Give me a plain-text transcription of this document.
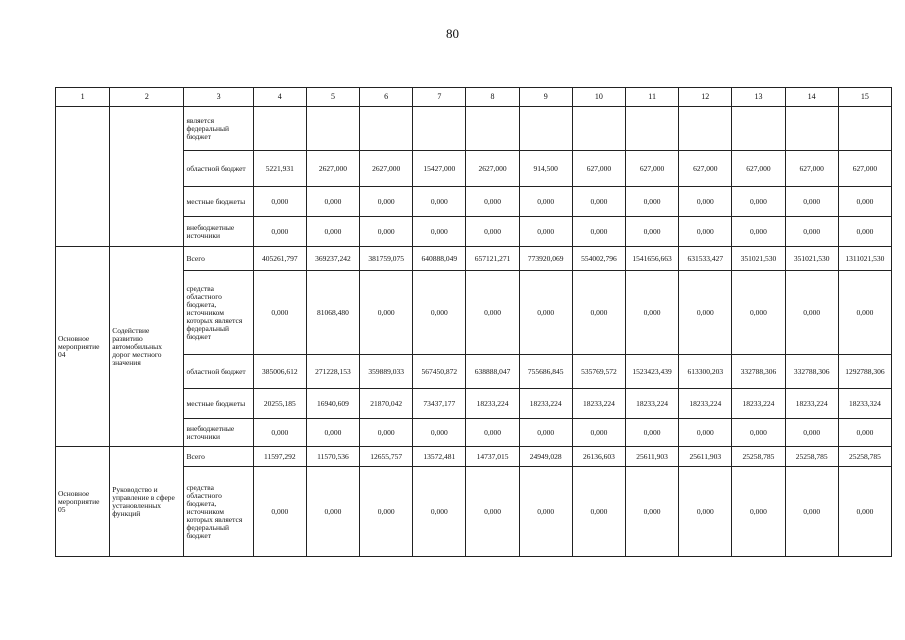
80
1	2	3	4	5	6	7	8	9	10	11	12	13	14	15
		является федеральный бюджет												
		областной бюджет	5221,931	2627,000	2627,000	15427,000	2627,000	914,500	627,000	627,000	627,000	627,000	627,000	627,000
		местные бюджеты	0,000	0,000	0,000	0,000	0,000	0,000	0,000	0,000	0,000	0,000	0,000	0,000
		внебюджетные источники	0,000	0,000	0,000	0,000	0,000	0,000	0,000	0,000	0,000	0,000	0,000	0,000
Основное мероприятие 04	Содействие развитию автомобильных дорог местного значения	Всего	405261,797	369237,242	381759,075	640888,049	657121,271	773920,069	554002,796	1541656,663	631533,427	351021,530	351021,530	1311021,530
		средства областного бюджета, источником которых является федеральный бюджет	0,000	81068,480	0,000	0,000	0,000	0,000	0,000	0,000	0,000	0,000	0,000	0,000
		областной бюджет	385006,612	271228,153	359889,033	567450,872	638888,047	755686,845	535769,572	1523423,439	613300,203	332788,306	332788,306	1292788,306
		местные бюджеты	20255,185	16940,609	21870,042	73437,177	18233,224	18233,224	18233,224	18233,224	18233,224	18233,224	18233,224	18233,324
		внебюджетные источники	0,000	0,000	0,000	0,000	0,000	0,000	0,000	0,000	0,000	0,000	0,000	0,000
Основное мероприятие 05	Руководство и управление в сфере установленных функций	Всего	11597,292	11570,536	12655,757	13572,481	14737,015	24949,028	26136,603	25611,903	25611,903	25258,785	25258,785	25258,785
		средства областного бюджета, источником которых является федеральный бюджет	0,000	0,000	0,000	0,000	0,000	0,000	0,000	0,000	0,000	0,000	0,000	0,000
